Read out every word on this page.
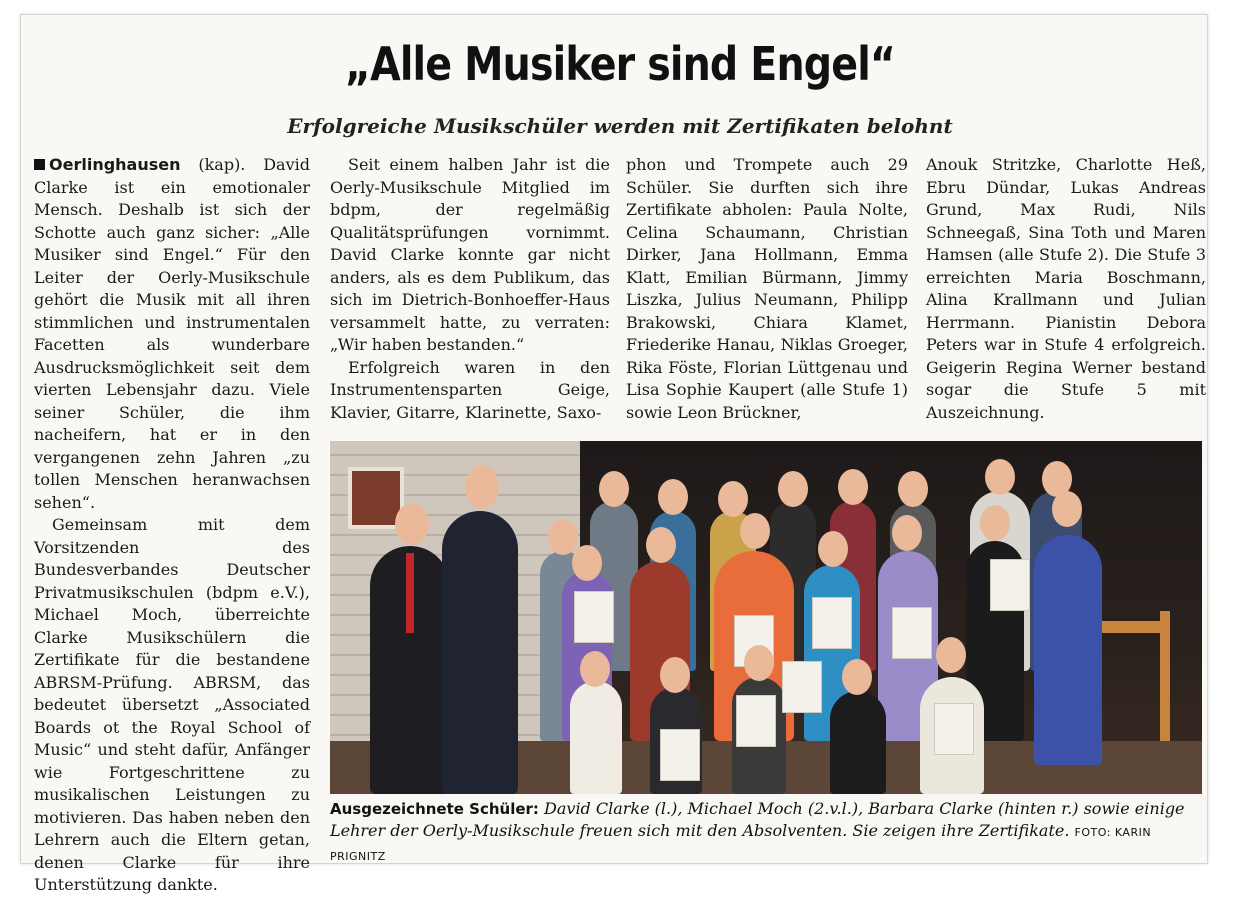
„Alle Musiker sind Engel“
Erfolgreiche Musikschüler werden mit Zertifikaten belohnt

Oerlinghausen (kap). David Clarke ist ein emotionaler Mensch. Deshalb ist sich der Schotte auch ganz sicher: „Alle Musiker sind Engel.“ Für den Leiter der Oerly-Musikschule gehört die Musik mit all ihren stimmlichen und instrumentalen Facetten als wunderbare Ausdrucksmöglichkeit seit dem vierten Lebensjahr dazu. Viele seiner Schüler, die ihm nacheifern, hat er in den vergangenen zehn Jahren „zu tollen Menschen heranwachsen sehen“.

Gemeinsam mit dem Vorsitzenden des Bundesverbandes Deutscher Privatmusikschulen (bdpm e.V.), Michael Moch, überreichte Clarke Musikschülern die Zertifikate für die bestandene ABRSM-Prüfung. ABRSM, das bedeutet übersetzt „Associated Boards ot the Royal School of Music“ und steht dafür, Anfänger wie Fortgeschrittene zu musikalischen Leistungen zu motivieren. Das haben neben den Lehrern auch die Eltern getan, denen Clarke für ihre Unterstützung dankte.

Seit einem halben Jahr ist die Oerly-Musikschule Mitglied im bdpm, der regelmäßig Qualitätsprüfungen vornimmt. David Clarke konnte gar nicht anders, als es dem Publikum, das sich im Dietrich-Bonhoeffer-Haus versammelt hatte, zu verraten: „Wir haben bestanden.“

Erfolgreich waren in den Instrumentensparten Geige, Klavier, Gitarre, Klarinette, Saxo-

phon und Trompete auch 29 Schüler. Sie durften sich ihre Zertifikate abholen: Paula Nolte, Celina Schaumann, Christian Dirker, Jana Hollmann, Emma Klatt, Emilian Bürmann, Jimmy Liszka, Julius Neumann, Philipp Brakowski, Chiara Klamet, Friederike Hanau, Niklas Groeger, Rika Föste, Florian Lüttgenau und Lisa Sophie Kaupert (alle Stufe 1) sowie Leon Brückner,

Anouk Stritzke, Charlotte Heß, Ebru Dündar, Lukas Andreas Grund, Max Rudi, Nils Schneegaß, Sina Toth und Maren Hamsen (alle Stufe 2). Die Stufe 3 erreichten Maria Boschmann, Alina Krallmann und Julian Herrmann. Pianistin Debora Peters war in Stufe 4 erfolgreich. Geigerin Regina Werner bestand sogar die Stufe 5 mit Auszeichnung.

Ausgezeichnete Schüler: David Clarke (l.), Michael Moch (2.v.l.), Barbara Clarke (hinten r.) sowie einige Lehrer der Oerly-Musikschule freuen sich mit den Absolventen. Sie zeigen ihre Zertifikate. FOTO: KARIN PRIGNITZ
